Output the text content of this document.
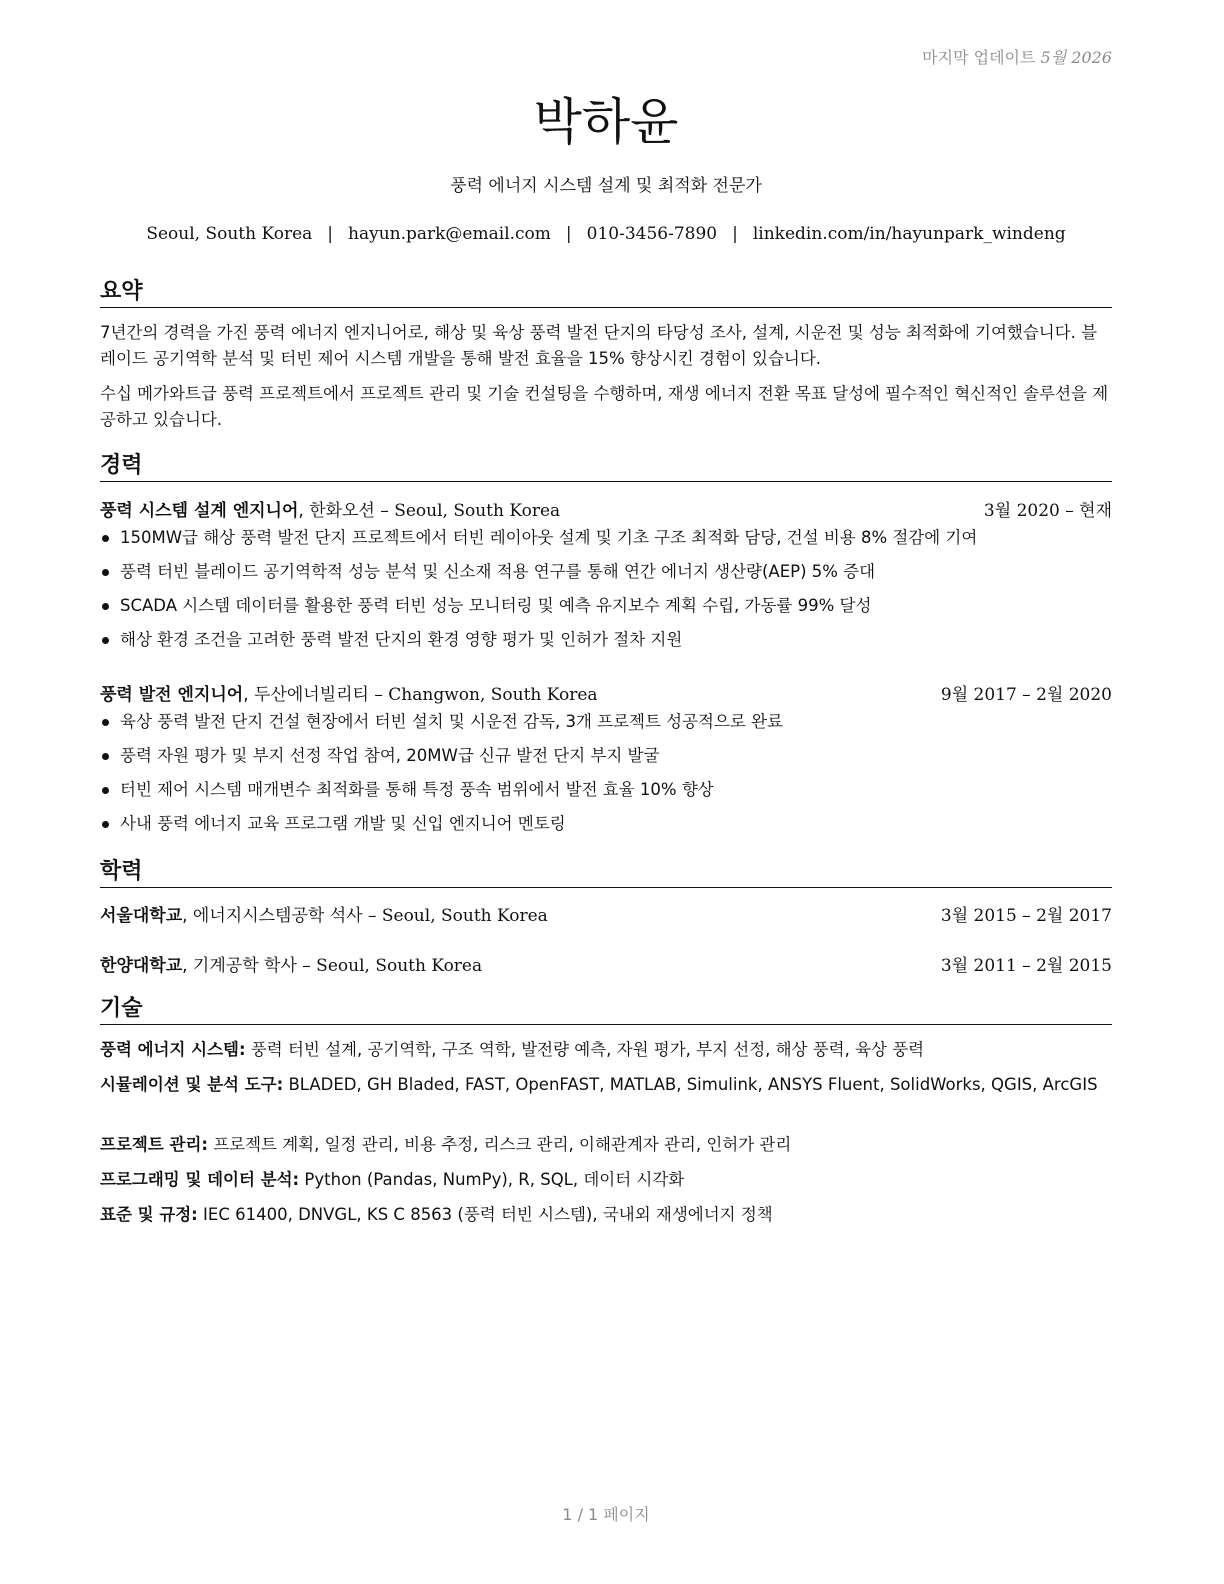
마지막 업데이트 5월 2026
박하윤
풍력 에너지 시스템 설계 및 최적화 전문가
Seoul, South Korea | hayun.park@email.com | 010-3456-7890 | linkedin.com/in/hayunpark_windeng
요약
7년간의 경력을 가진 풍력 에너지 엔지니어로, 해상 및 육상 풍력 발전 단지의 타당성 조사, 설계, 시운전 및 성능 최적화에 기여했습니다. 블레이드 공기역학 분석 및 터빈 제어 시스템 개발을 통해 발전 효율을 15% 향상시킨 경험이 있습니다.
수십 메가와트급 풍력 프로젝트에서 프로젝트 관리 및 기술 컨설팅을 수행하며, 재생 에너지 전환 목표 달성에 필수적인 혁신적인 솔루션을 제공하고 있습니다.
경력
풍력 시스템 설계 엔지니어, 한화오션 – Seoul, South Korea	3월 2020 – 현재
150MW급 해상 풍력 발전 단지 프로젝트에서 터빈 레이아웃 설계 및 기초 구조 최적화 담당, 건설 비용 8% 절감에 기여
풍력 터빈 블레이드 공기역학적 성능 분석 및 신소재 적용 연구를 통해 연간 에너지 생산량(AEP) 5% 증대
SCADA 시스템 데이터를 활용한 풍력 터빈 성능 모니터링 및 예측 유지보수 계획 수립, 가동률 99% 달성
해상 환경 조건을 고려한 풍력 발전 단지의 환경 영향 평가 및 인허가 절차 지원
풍력 발전 엔지니어, 두산에너빌리티 – Changwon, South Korea	9월 2017 – 2월 2020
육상 풍력 발전 단지 건설 현장에서 터빈 설치 및 시운전 감독, 3개 프로젝트 성공적으로 완료
풍력 자원 평가 및 부지 선정 작업 참여, 20MW급 신규 발전 단지 부지 발굴
터빈 제어 시스템 매개변수 최적화를 통해 특정 풍속 범위에서 발전 효율 10% 향상
사내 풍력 에너지 교육 프로그램 개발 및 신입 엔지니어 멘토링
학력
서울대학교, 에너지시스템공학 석사 – Seoul, South Korea	3월 2015 – 2월 2017
한양대학교, 기계공학 학사 – Seoul, South Korea	3월 2011 – 2월 2015
기술
풍력 에너지 시스템: 풍력 터빈 설계, 공기역학, 구조 역학, 발전량 예측, 자원 평가, 부지 선정, 해상 풍력, 육상 풍력
시뮬레이션 및 분석 도구: BLADED, GH Bladed, FAST, OpenFAST, MATLAB, Simulink, ANSYS Fluent, SolidWorks, QGIS, ArcGIS
프로젝트 관리: 프로젝트 계획, 일정 관리, 비용 추정, 리스크 관리, 이해관계자 관리, 인허가 관리
프로그래밍 및 데이터 분석: Python (Pandas, NumPy), R, SQL, 데이터 시각화
표준 및 규정: IEC 61400, DNVGL, KS C 8563 (풍력 터빈 시스템), 국내외 재생에너지 정책
1 / 1 페이지
